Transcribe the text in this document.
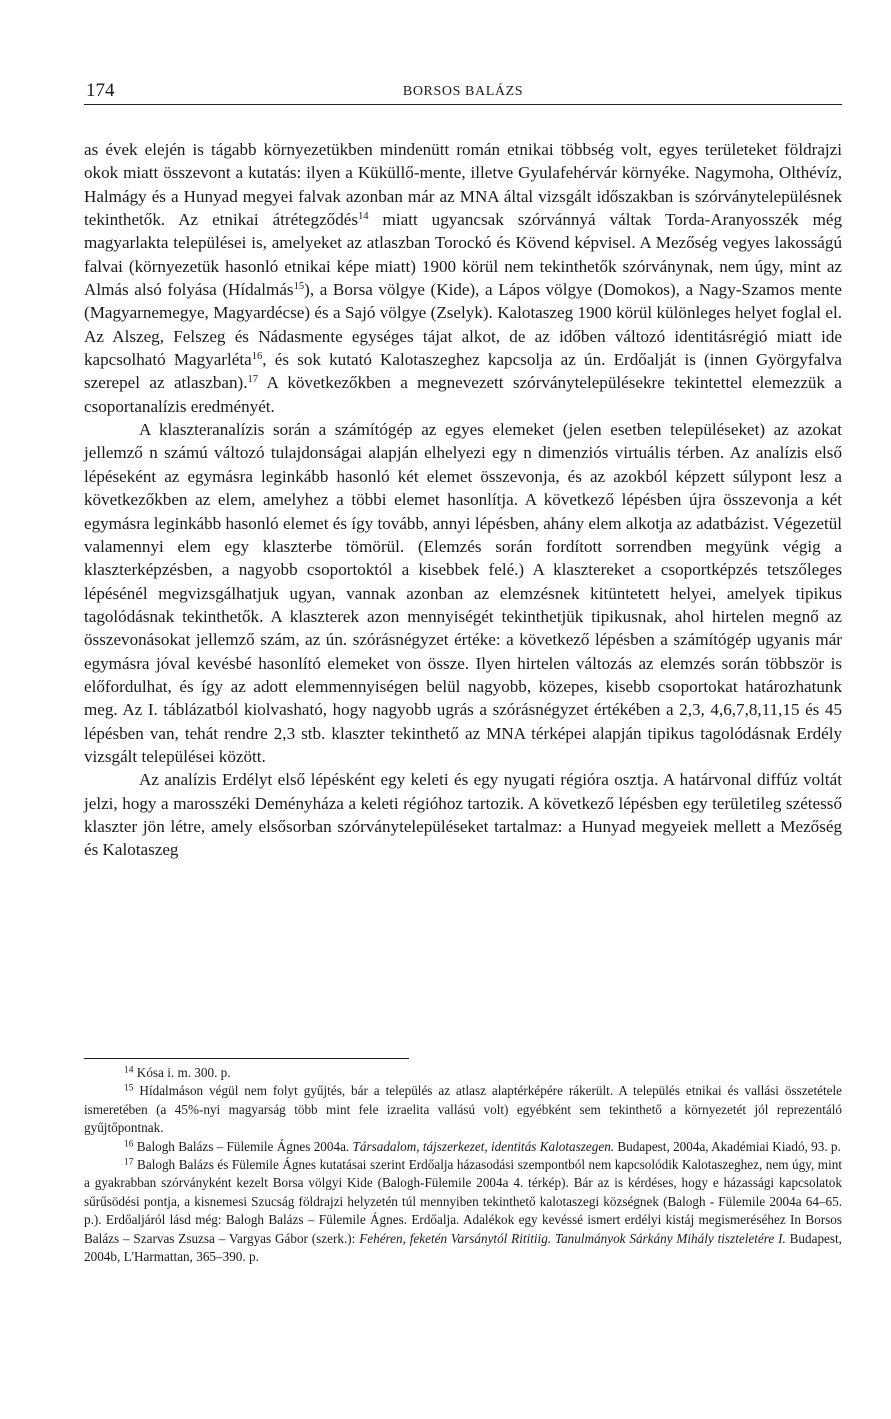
174	BORSOS BALÁZS

as évek elején is tágabb környezetükben mindenütt román etnikai többség volt, egyes területeket földrajzi okok miatt összevont a kutatás: ilyen a Küküllő-mente, illetve Gyulafehérvár környéke. Nagymoha, Olthévíz, Halmágy és a Hunyad megyei falvak azonban már az MNA által vizsgált időszakban is szórványtelepülésnek tekinthetők. Az etnikai átrétegződés$^{14}$ miatt ugyancsak szórvánnyá váltak Torda-Aranyosszék még magyarlakta települései is, amelyeket az atlaszban Torockó és Kövend képvisel. A Mezőség vegyes lakosságú falvai (környezetük hasonló etnikai képe miatt) 1900 körül nem tekinthetők szórványnak, nem úgy, mint az Almás alsó folyása (Hídalmás$^{15}$), a Borsa völgye (Kide), a Lápos völgye (Domokos), a Nagy-Szamos mente (Magyarnemegye, Magyardécse) és a Sajó völgye (Zselyk). Kalotaszeg 1900 körül különleges helyet foglal el. Az Alszeg, Felszeg és Nádasmente egységes tájat alkot, de az időben változó identitásrégió miatt ide kapcsolható Magyarléta$^{16}$, és sok kutató Kalotaszeghez kapcsolja az ún. Erdőalját is (innen Györgyfalva szerepel az atlaszban).$^{17}$ A következőkben a megnevezett szórványtelepülésekre tekintettel elemezzük a csoportanalízis eredményét.

A klaszteranalízis során a számítógép az egyes elemeket (jelen esetben településeket) az azokat jellemző n számú változó tulajdonságai alapján elhelyezi egy n dimenziós virtuális térben. Az analízis első lépéseként az egymásra leginkább hasonló két elemet összevonja, és az azokból képzett súlypont lesz a következőkben az elem, amelyhez a többi elemet hasonlítja. A következő lépésben újra összevonja a két egymásra leginkább hasonló elemet és így tovább, annyi lépésben, ahány elem alkotja az adatbázist. Végezetül valamennyi elem egy klaszterbe tömörül. (Elemzés során fordított sorrendben megyünk végig a klaszterképzésben, a nagyobb csoportoktól a kisebbek felé.) A klasztereket a csoportképzés tetszőleges lépésénél megvizsgálhatjuk ugyan, vannak azonban az elemzésnek kitüntetett helyei, amelyek tipikus tagolódásnak tekinthetők. A klaszterek azon mennyiségét tekinthetjük tipikusnak, ahol hirtelen megnő az összevonásokat jellemző szám, az ún. szórásnégyzet értéke: a következő lépésben a számítógép ugyanis már egymásra jóval kevésbé hasonlító elemeket von össze. Ilyen hirtelen változás az elemzés során többször is előfordulhat, és így az adott elemmennyiségen belül nagyobb, közepes, kisebb csoportokat határozhatunk meg. Az I. táblázatból kiolvasható, hogy nagyobb ugrás a szórásnégyzet értékében a 2,3, 4,6,7,8,11,15 és 45 lépésben van, tehát rendre 2,3 stb. klaszter tekinthető az MNA térképei alapján tipikus tagolódásnak Erdély vizsgált települései között.

Az analízis Erdélyt első lépésként egy keleti és egy nyugati régióra osztja. A határvonal diffúz voltát jelzi, hogy a marosszéki Deményháza a keleti régióhoz tartozik. A következő lépésben egy területileg szétesső klaszter jön létre, amely elsősorban szórványtelepüléseket tartalmaz: a Hunyad megyeiek mellett a Mezőség és Kalotaszeg

$^{14}$ Kósa i. m. 300. p.

$^{15}$ Hídalmáson végül nem folyt gyűjtés, bár a település az atlasz alaptérképére rákerült. A település etnikai és vallási összetétele ismeretében (a 45%-nyi magyarság több mint fele izraelita vallású volt) egyébként sem tekinthető a környezetét jól reprezentáló gyűjtőpontnak.

$^{16}$ Balogh Balázs – Fülemile Ágnes 2004a. Társadalom, tájszerkezet, identitás Kalotaszegen. Budapest, 2004a, Akadémiai Kiadó, 93. p.

$^{17}$ Balogh Balázs és Fülemile Ágnes kutatásai szerint Erdőalja házasodási szempontból nem kapcsolódik Kalotaszeghez, nem úgy, mint a gyakrabban szórványként kezelt Borsa völgyi Kide (Balogh-Fülemile 2004a 4. térkép). Bár az is kérdéses, hogy e házassági kapcsolatok sűrűsödési pontja, a kisnemesi Szucság földrajzi helyzetén túl mennyiben tekinthető kalotaszegi községnek (Balogh - Fülemile 2004a 64–65. p.). Erdőaljáról lásd még: Balogh Balázs – Fülemile Ágnes. Erdőalja. Adalékok egy kevéssé ismert erdélyi kistáj megismeréséhez In Borsos Balázs – Szarvas Zsuzsa – Vargyas Gábor (szerk.): Fehéren, feketén Varsánytól Rititiig. Tanulmányok Sárkány Mihály tiszteletére I. Budapest, 2004b, L'Harmattan, 365–390. p.
